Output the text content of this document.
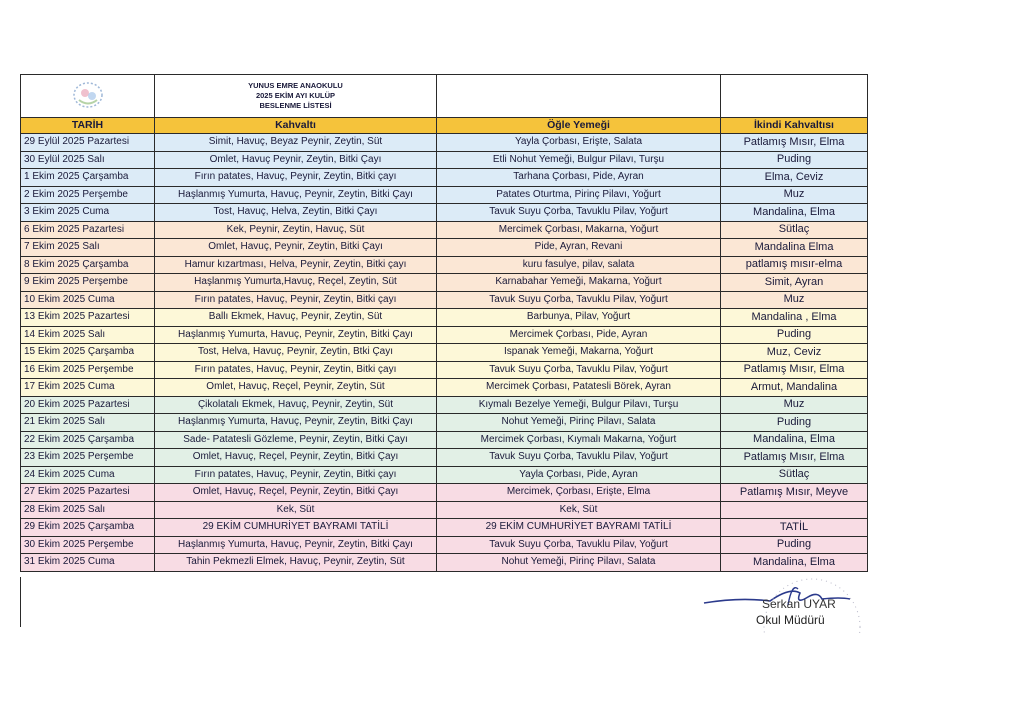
YUNUS EMRE ANAOKULU
2025 EKİM AYI KULÜP
BESLENME LİSTESİ		

TARİH	Kahvaltı	Öğle Yemeği	İkindi Kahvaltısı
29 Eylül 2025 Pazartesi	Simit, Havuç, Beyaz Peynir, Zeytin, Süt	Yayla Çorbası, Erişte, Salata	Patlamış Mısır, Elma
30 Eylül 2025 Salı	Omlet, Havuç Peynir, Zeytin, Bitki Çayı	Etli Nohut Yemeği, Bulgur Pilavı, Turşu	Puding
1 Ekim 2025 Çarşamba	Fırın patates, Havuç, Peynir, Zeytin, Bitki çayı	Tarhana Çorbası, Pide, Ayran	Elma, Ceviz
2 Ekim 2025 Perşembe	Haşlanmış Yumurta, Havuç, Peynir, Zeytin, Bitki Çayı	Patates Oturtma, Pirinç Pilavı, Yoğurt	Muz
3 Ekim 2025 Cuma	Tost, Havuç, Helva, Zeytin, Bitki Çayı	Tavuk Suyu Çorba, Tavuklu Pilav, Yoğurt	Mandalina, Elma
6 Ekim 2025 Pazartesi	Kek, Peynir, Zeytin, Havuç, Süt	Mercimek Çorbası, Makarna, Yoğurt	Sütlaç
7 Ekim 2025 Salı	Omlet, Havuç, Peynir, Zeytin, Bitki Çayı	Pide, Ayran, Revani	Mandalina Elma
8 Ekim 2025 Çarşamba	Hamur kızartması, Helva, Peynir, Zeytin, Bitki çayı	kuru fasulye, pilav, salata	patlamış mısır-elma
9 Ekim 2025 Perşembe	Haşlanmış Yumurta,Havuç, Reçel, Zeytin, Süt	Karnabahar Yemeği, Makarna, Yoğurt	Simit, Ayran
10 Ekim 2025 Cuma	Fırın patates, Havuç, Peynir, Zeytin, Bitki çayı	Tavuk Suyu Çorba, Tavuklu Pilav, Yoğurt	Muz
13 Ekim 2025 Pazartesi	Ballı Ekmek, Havuç, Peynir, Zeytin, Süt	Barbunya, Pilav, Yoğurt	Mandalina , Elma
14 Ekim 2025 Salı	Haşlanmış Yumurta, Havuç, Peynir, Zeytin, Bitki Çayı	Mercimek Çorbası, Pide, Ayran	Puding
15 Ekim 2025 Çarşamba	Tost, Helva, Havuç, Peynir, Zeytin, Btki Çayı	Ispanak Yemeği, Makarna, Yoğurt	Muz, Ceviz
16 Ekim 2025 Perşembe	Fırın patates, Havuç, Peynir, Zeytin, Bitki çayı	Tavuk Suyu Çorba, Tavuklu Pilav, Yoğurt	Patlamış Mısır, Elma
17 Ekim 2025 Cuma	Omlet, Havuç, Reçel, Peynir, Zeytin, Süt	Mercimek Çorbası, Patatesli Börek, Ayran	Armut, Mandalina
20 Ekim 2025 Pazartesi	Çikolatalı Ekmek, Havuç, Peynir, Zeytin, Süt	Kıymalı Bezelye Yemeği, Bulgur Pilavı, Turşu	Muz
21 Ekim 2025 Salı	Haşlanmış Yumurta, Havuç, Peynir, Zeytin, Bitki Çayı	Nohut Yemeği, Pirinç Pilavı, Salata	Puding
22 Ekim 2025 Çarşamba	Sade- Patatesli Gözleme, Peynir, Zeytin, Bitki Çayı	Mercimek Çorbası, Kıymalı Makarna, Yoğurt	Mandalina, Elma
23 Ekim 2025 Perşembe	Omlet, Havuç, Reçel, Peynir, Zeytin, Bitki Çayı	Tavuk Suyu Çorba, Tavuklu Pilav, Yoğurt	Patlamış Mısır, Elma
24 Ekim 2025 Cuma	Fırın patates, Havuç, Peynir, Zeytin, Bitki çayı	Yayla Çorbası, Pide, Ayran	Sütlaç
27 Ekim 2025 Pazartesi	Omlet, Havuç, Reçel, Peynir, Zeytin, Bitki Çayı	Mercimek, Çorbası, Erişte, Elma	Patlamış Mısır, Meyve
28 Ekim 2025 Salı	Kek, Süt	Kek, Süt	
29 Ekim 2025 Çarşamba	29 EKİM CUMHURİYET BAYRAMI TATİLİ	29 EKİM CUMHURİYET BAYRAMI TATİLİ	TATİL
30 Ekim 2025 Perşembe	Haşlanmış Yumurta, Havuç, Peynir, Zeytin, Bitki Çayı	Tavuk Suyu Çorba, Tavuklu Pilav, Yoğurt	Puding
31 Ekim 2025 Cuma	Tahin Pekmezli Elmek, Havuç, Peynir, Zeytin, Süt	Nohut Yemeği, Pirinç Pilavı, Salata	Mandalina, Elma
Serkan UYAR
Okul Müdürü
